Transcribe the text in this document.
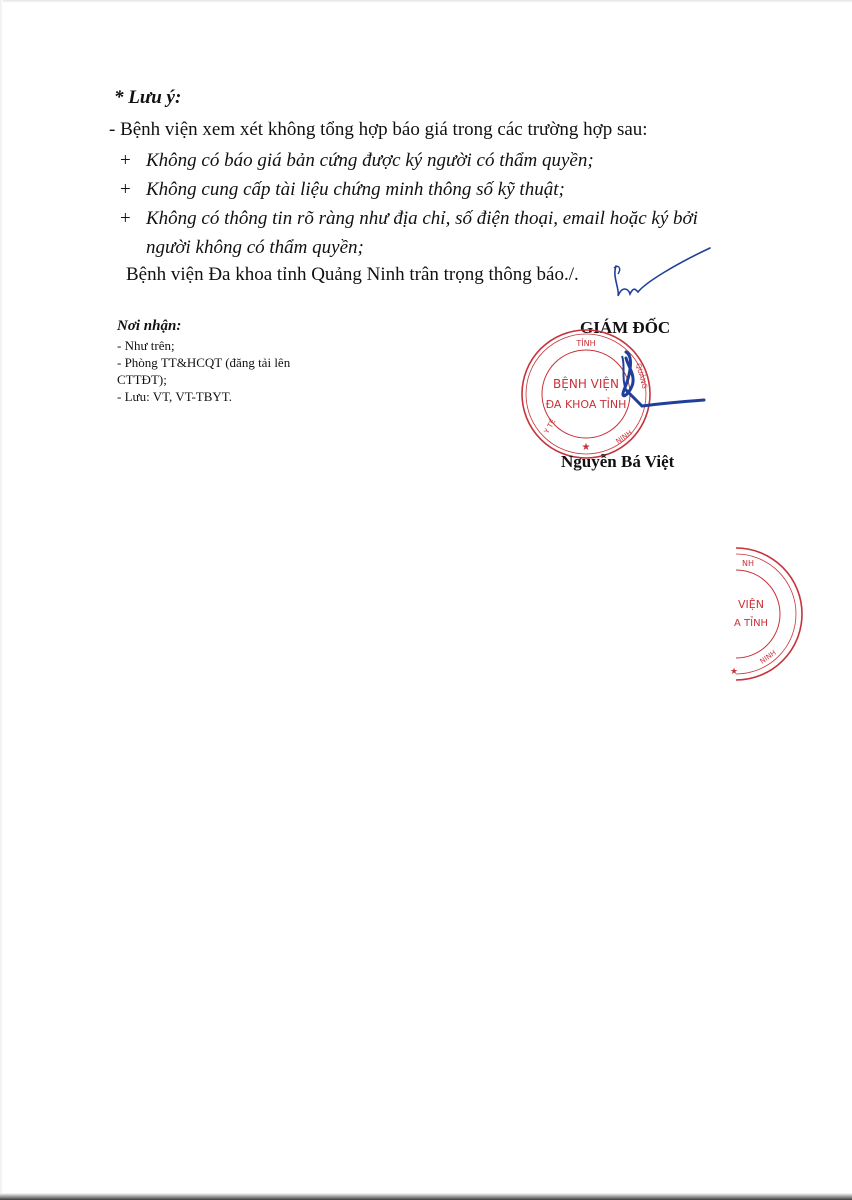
* Lưu ý:
- Bệnh viện xem xét không tổng hợp báo giá trong các trường hợp sau:
+ Không có báo giá bản cứng được ký người có thẩm quyền;
+ Không cung cấp tài liệu chứng minh thông số kỹ thuật;
+ Không có thông tin rõ ràng như địa chỉ, số điện thoại, email hoặc ký bởi
người không có thẩm quyền;
Bệnh viện Đa khoa tỉnh Quảng Ninh trân trọng thông báo./.
Nơi nhận:
- Như trên;
- Phòng TT&HCQT (đăng tải lên
CTTĐT);
- Lưu: VT, VT-TBYT.
GIÁM ĐỐC
TỈNH
Y TẾ
QUẢNG
NINH
BỆNH VIỆN
ĐA KHOA TỈNH
★
Nguyễn Bá Việt
NH
VIỆN
A TỈNH
NINH
★
